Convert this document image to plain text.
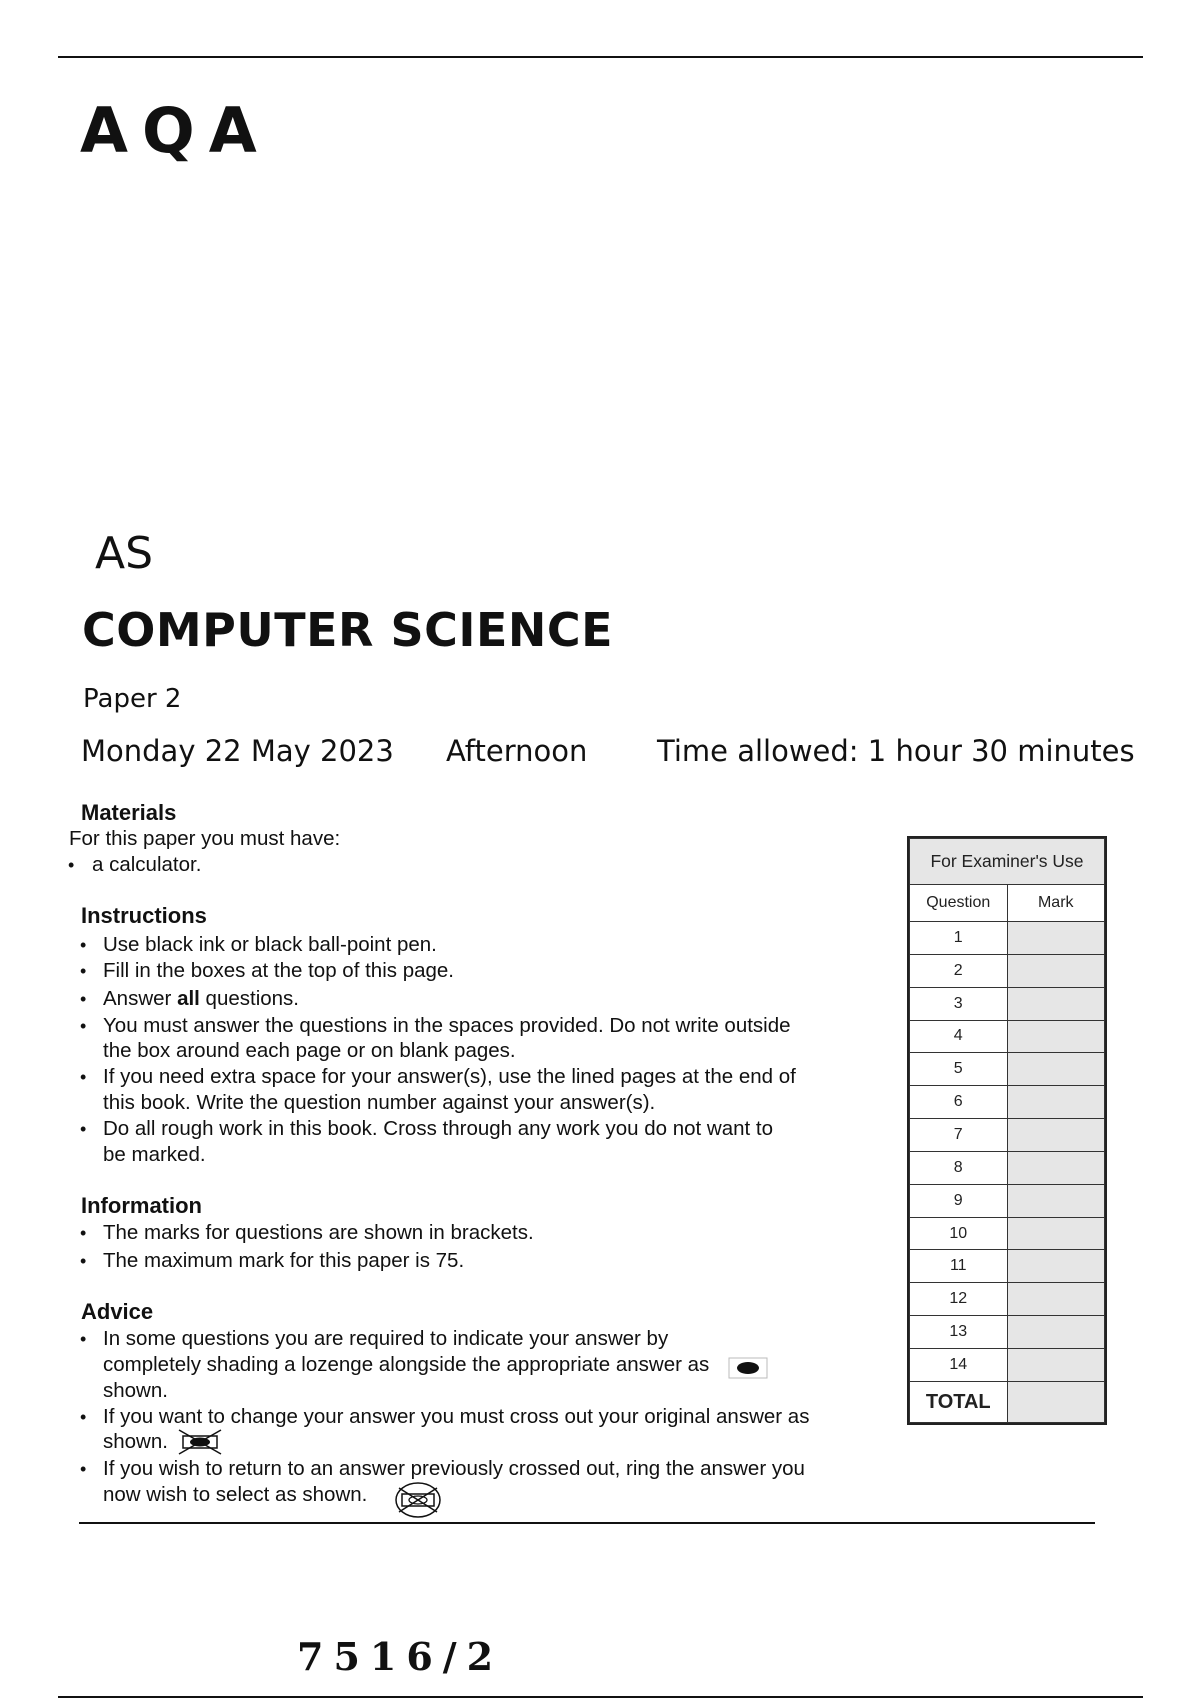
AQA
AS
COMPUTER SCIENCE
Paper 2
Monday 22 May 2023 Afternoon Time allowed: 1 hour 30 minutes
Materials
For this paper you must have:
• a calculator.
Instructions
• Use black ink or black ball-point pen.
• Fill in the boxes at the top of this page.
• Answer all questions.
• You must answer the questions in the spaces provided. Do not write outside
the box around each page or on blank pages.
• If you need extra space for your answer(s), use the lined pages at the end of
this book. Write the question number against your answer(s).
• Do all rough work in this book. Cross through any work you do not want to
be marked.
Information
• The marks for questions are shown in brackets.
• The maximum mark for this paper is 75.
Advice
• In some questions you are required to indicate your answer by
completely shading a lozenge alongside the appropriate answer as
shown.
• If you want to change your answer you must cross out your original answer as
shown.
• If you wish to return to an answer previously crossed out, ring the answer you
now wish to select as shown.
For Examiner's Use	
Question	Mark
1	
2	
3	
4	
5	
6	
7	
8	
9	
10	
11	
12	
13	
14	
TOTAL	
7516/2
